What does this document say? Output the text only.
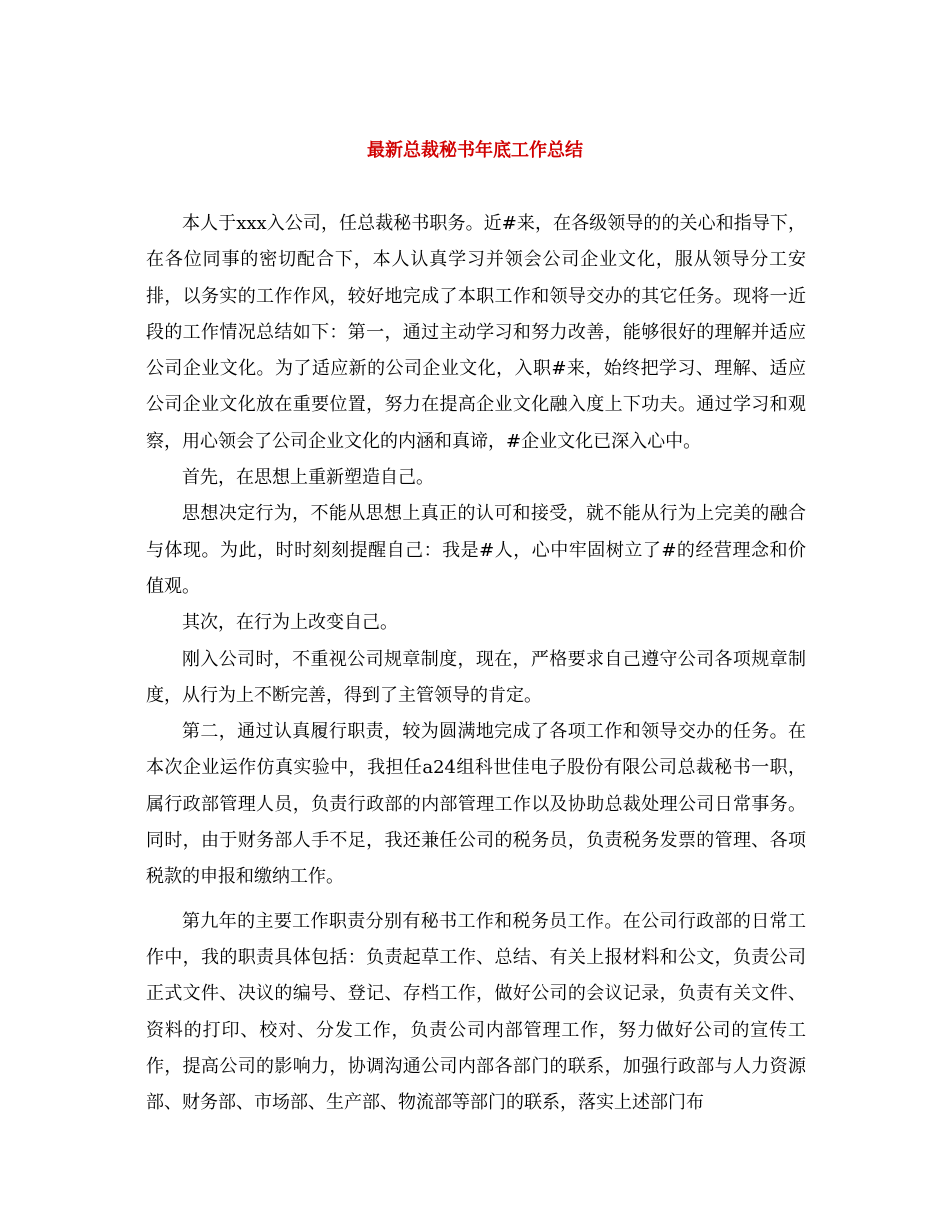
最新总裁秘书年底工作总结

本人于xxx入公司，任总裁秘书职务。近#来，在各级领导的的关心和指导下，在各位同事的密切配合下，本人认真学习并领会公司企业文化，服从领导分工安排，以务实的工作作风，较好地完成了本职工作和领导交办的其它任务。现将一近段的工作情况总结如下：第一，通过主动学习和努力改善，能够很好的理解并适应公司企业文化。为了适应新的公司企业文化，入职#来，始终把学习、理解、适应公司企业文化放在重要位置，努力在提高企业文化融入度上下功夫。通过学习和观察，用心领会了公司企业文化的内涵和真谛，#企业文化已深入心中。

首先，在思想上重新塑造自己。

思想决定行为，不能从思想上真正的认可和接受，就不能从行为上完美的融合与体现。为此，时时刻刻提醒自己：我是#人，心中牢固树立了#的经营理念和价值观。

其次，在行为上改变自己。

刚入公司时，不重视公司规章制度，现在，严格要求自己遵守公司各项规章制度，从行为上不断完善，得到了主管领导的肯定。

第二，通过认真履行职责，较为圆满地完成了各项工作和领导交办的任务。在本次企业运作仿真实验中，我担任a24组科世佳电子股份有限公司总裁秘书一职，属行政部管理人员，负责行政部的内部管理工作以及协助总裁处理公司日常事务。同时，由于财务部人手不足，我还兼任公司的税务员，负责税务发票的管理、各项税款的申报和缴纳工作。

第九年的主要工作职责分别有秘书工作和税务员工作。在公司行政部的日常工作中，我的职责具体包括：负责起草工作、总结、有关上报材料和公文，负责公司正式文件、决议的编号、登记、存档工作，做好公司的会议记录，负责有关文件、资料的打印、校对、分发工作，负责公司内部管理工作，努力做好公司的宣传工作，提高公司的影响力，协调沟通公司内部各部门的联系，加强行政部与人力资源部、财务部、市场部、生产部、物流部等部门的联系，落实上述部门布
